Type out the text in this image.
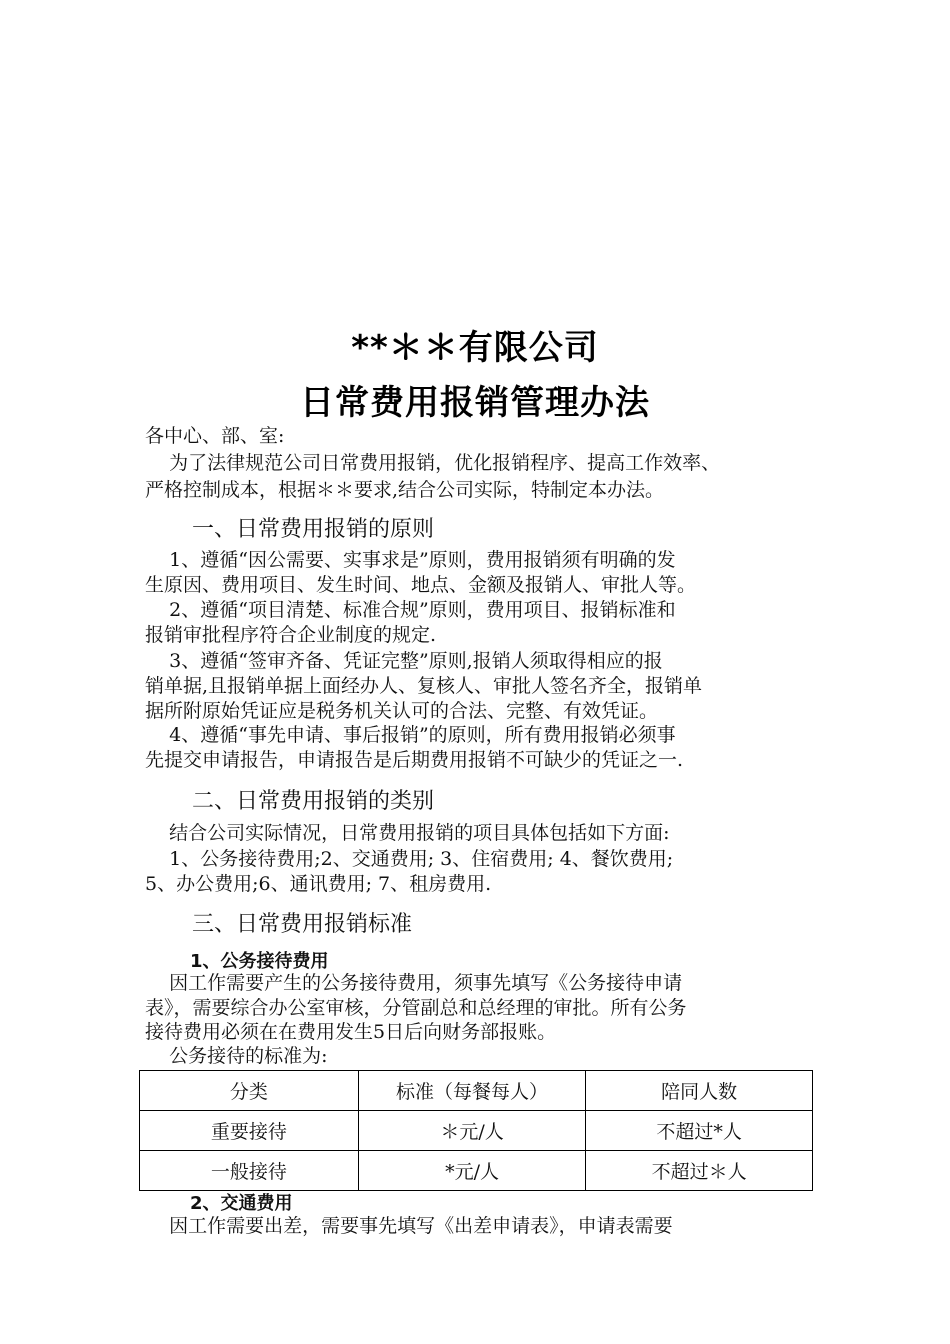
**＊＊有限公司
日常费用报销管理办法
各中心、部、室:
为了法律规范公司日常费用报销，优化报销程序、提高工作效率、
严格控制成本，根据＊＊要求,结合公司实际，特制定本办法。
一、日常费用报销的原则
1、遵循“因公需要、实事求是”原则，费用报销须有明确的发
生原因、费用项目、发生时间、地点、金额及报销人、审批人等。
2、遵循“项目清楚、标准合规”原则，费用项目、报销标准和
报销审批程序符合企业制度的规定.
3、遵循“签审齐备、凭证完整”原则,报销人须取得相应的报
销单据,且报销单据上面经办人、复核人、审批人签名齐全，报销单
据所附原始凭证应是税务机关认可的合法、完整、有效凭证。
4、遵循“事先申请、事后报销”的原则，所有费用报销必须事
先提交申请报告，申请报告是后期费用报销不可缺少的凭证之一.
二、日常费用报销的类别
结合公司实际情况，日常费用报销的项目具体包括如下方面:
1、公务接待费用;2、交通费用; 3、住宿费用; 4、餐饮费用;
5、办公费用;6、通讯费用; 7、租房费用.
三、日常费用报销标准
1、公务接待费用
因工作需要产生的公务接待费用，须事先填写《公务接待申请
表》，需要综合办公室审核，分管副总和总经理的审批。所有公务
接待费用必须在在费用发生5日后向财务部报账。
公务接待的标准为:
分类	标准（每餐每人）	陪同人数
重要接待	＊元/人	不超过*人
一般接待	*元/人	不超过＊人
2、交通费用
因工作需要出差，需要事先填写《出差申请表》，申请表需要
